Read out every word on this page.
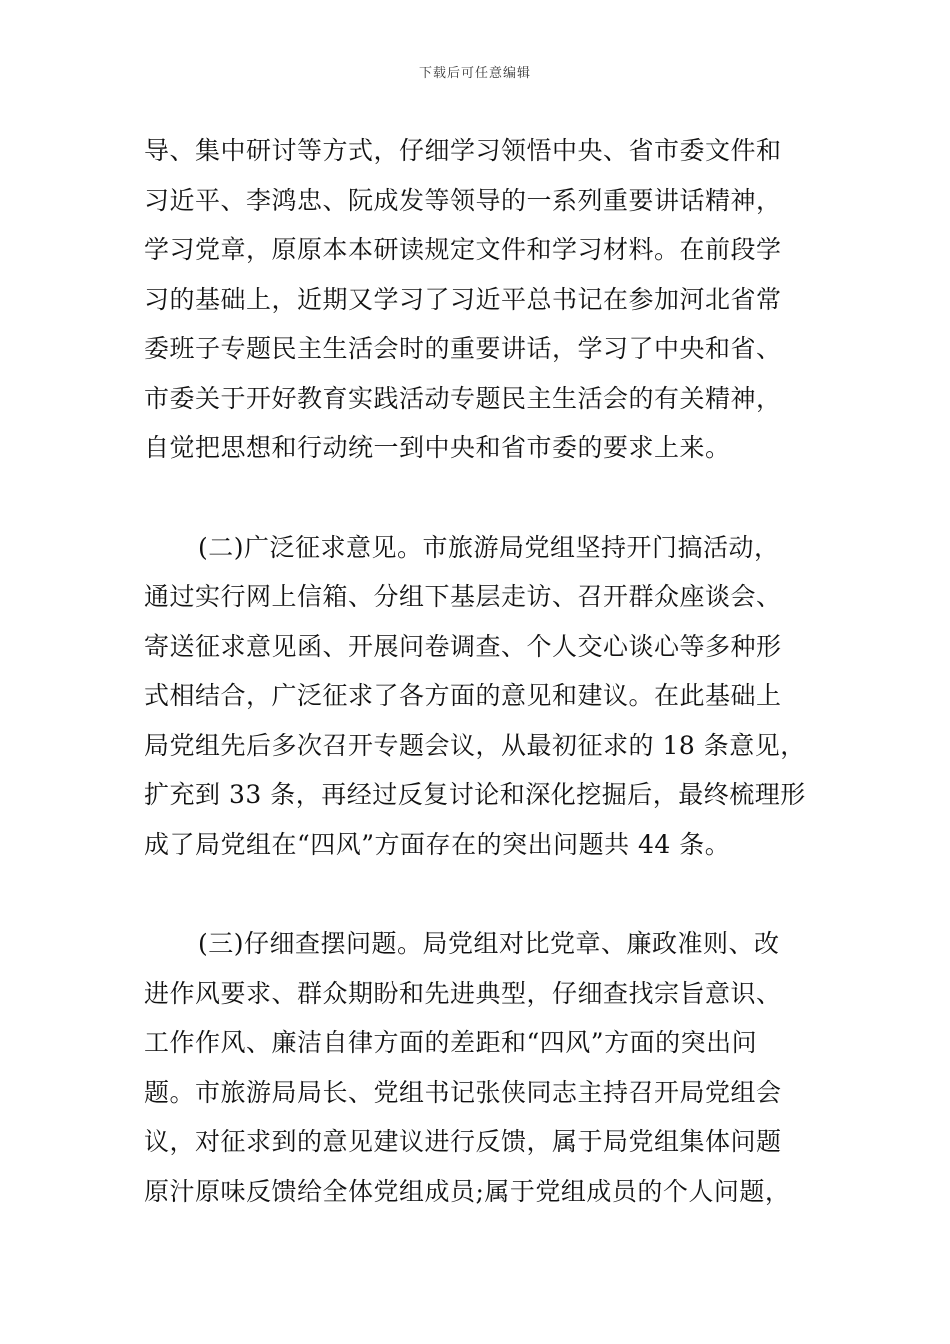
下载后可任意编辑
导、集中研讨等方式，仔细学习领悟中央、省市委文件和
习近平、李鸿忠、阮成发等领导的一系列重要讲话精神，
学习党章，原原本本研读规定文件和学习材料。在前段学
习的基础上，近期又学习了习近平总书记在参加河北省常
委班子专题民主生活会时的重要讲话，学习了中央和省、
市委关于开好教育实践活动专题民主生活会的有关精神，
自觉把思想和行动统一到中央和省市委的要求上来。
(二)广泛征求意见。市旅游局党组坚持开门搞活动，
通过实行网上信箱、分组下基层走访、召开群众座谈会、
寄送征求意见函、开展问卷调查、个人交心谈心等多种形
式相结合，广泛征求了各方面的意见和建议。在此基础上
局党组先后多次召开专题会议，从最初征求的 18 条意见，
扩充到 33 条，再经过反复讨论和深化挖掘后，最终梳理形
成了局党组在“四风”方面存在的突出问题共 44 条。
(三)仔细查摆问题。局党组对比党章、廉政准则、改
进作风要求、群众期盼和先进典型，仔细查找宗旨意识、
工作作风、廉洁自律方面的差距和“四风”方面的突出问
题。市旅游局局长、党组书记张侠同志主持召开局党组会
议，对征求到的意见建议进行反馈，属于局党组集体问题
原汁原味反馈给全体党组成员;属于党组成员的个人问题，
